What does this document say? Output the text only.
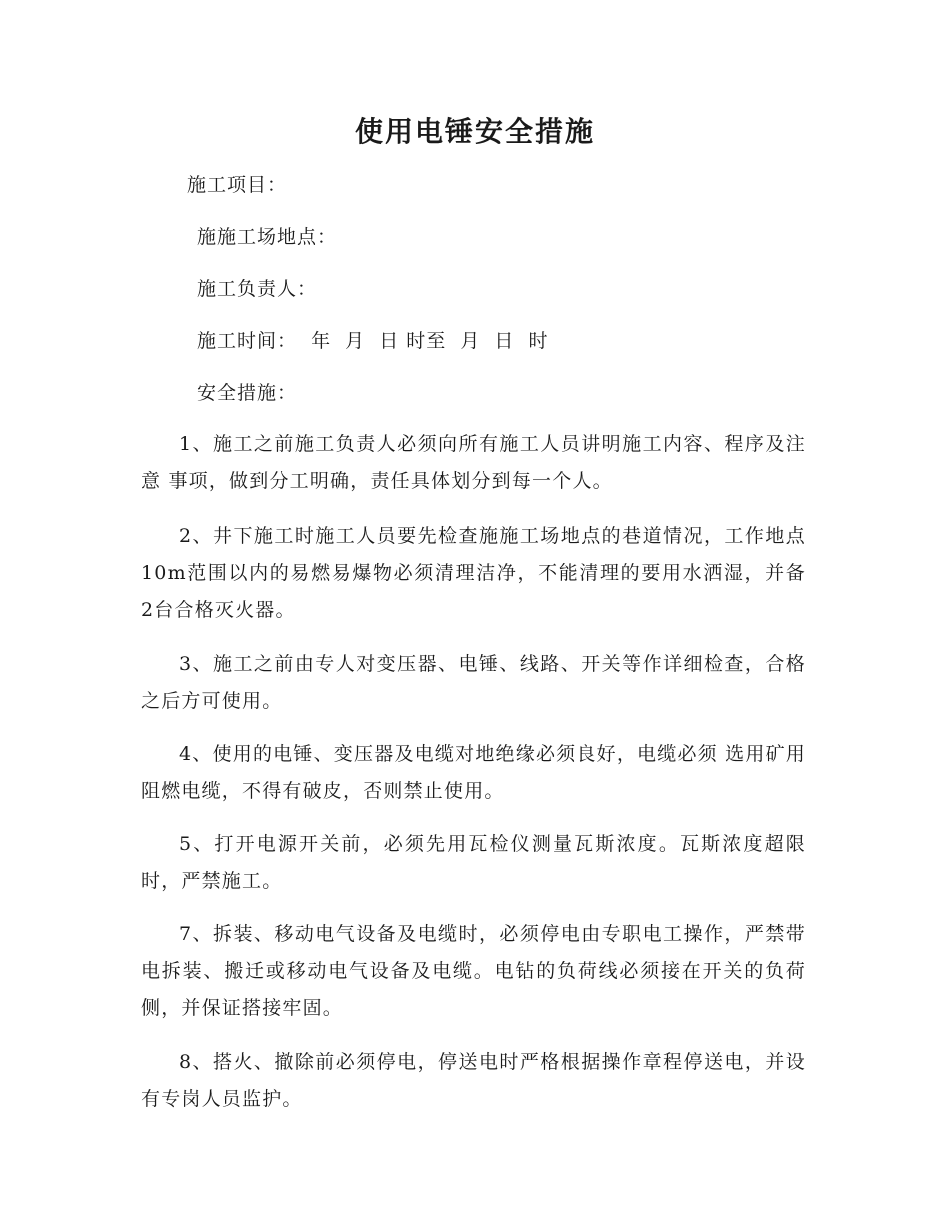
使用电锤安全措施
施工项目：
施施工场地点：
施工负责人：
施工时间：  年  月  日 时至  月  日  时
安全措施：

1、施工之前施工负责人必须向所有施工人员讲明施工内容、程序及注意 事项，做到分工明确，责任具体划分到每一个人。

2、井下施工时施工人员要先检查施施工场地点的巷道情况，工作地点10m范围以内的易燃易爆物必须清理洁净，不能清理的要用水洒湿，并备2台合格灭火器。

3、施工之前由专人对变压器、电锤、线路、开关等作详细检查，合格之后方可使用。

4、使用的电锤、变压器及电缆对地绝缘必须良好，电缆必须 选用矿用阻燃电缆，不得有破皮，否则禁止使用。

5、打开电源开关前，必须先用瓦检仪测量瓦斯浓度。瓦斯浓度超限时，严禁施工。

7、拆装、移动电气设备及电缆时，必须停电由专职电工操作，严禁带电拆装、搬迁或移动电气设备及电缆。电钻的负荷线必须接在开关的负荷侧，并保证搭接牢固。

8、搭火、撤除前必须停电，停送电时严格根据操作章程停送电，并设有专岗人员监护。
